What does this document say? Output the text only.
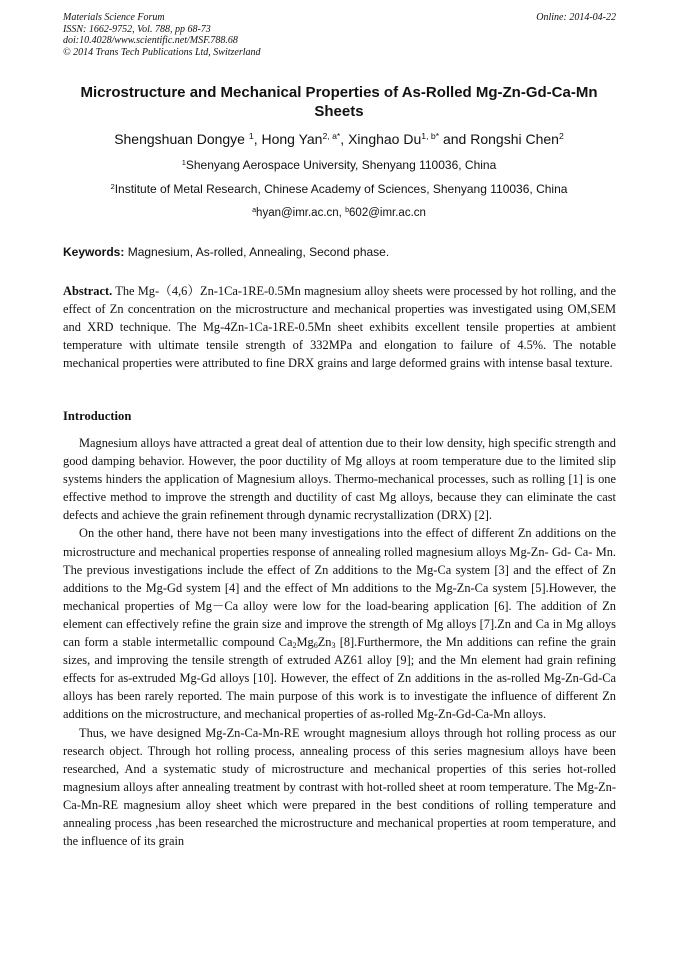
Materials Science Forum
ISSN: 1662-9752, Vol. 788, pp 68-73
doi:10.4028/www.scientific.net/MSF.788.68
© 2014 Trans Tech Publications Ltd, Switzerland
Online: 2014-04-22
Microstructure and Mechanical Properties of As-Rolled Mg-Zn-Gd-Ca-Mn Sheets
Shengshuan Dongye $^1$, Hong Yan$^{2, a*}$, Xinghao $Du^{1, b*}$ and Rongshi Chen$^2$
$^1$Shenyang Aerospace University, Shenyang 110036, China
$^2$Institute of Metal Research, Chinese Academy of Sciences, Shenyang 110036, China
$^a$hyan@imr.ac.cn, $^b$602@imr.ac.cn
Keywords: Magnesium, As-rolled, Annealing, Second phase.
Abstract. The Mg-（4,6）Zn-1Ca-1RE-0.5Mn magnesium alloy sheets were processed by hot rolling, and the effect of Zn concentration on the microstructure and mechanical properties was investigated using OM,SEM and XRD technique. The Mg-4Zn-1Ca-1RE-0.5Mn sheet exhibits excellent tensile properties at ambient temperature with ultimate tensile strength of 332MPa and elongation to failure of 4.5%. The notable mechanical properties were attributed to fine DRX grains and large deformed grains with intense basal texture.
Introduction

Magnesium alloys have attracted a great deal of attention due to their low density, high specific strength and good damping behavior. However, the poor ductility of Mg alloys at room temperature due to the limited slip systems hinders the application of Magnesium alloys. Thermo-mechanical processes, such as rolling [1] is one effective method to improve the strength and ductility of cast Mg alloys, because they can eliminate the cast defects and achieve the grain refinement through dynamic recrystallization (DRX) [2].

On the other hand, there have not been many investigations into the effect of different Zn additions on the microstructure and mechanical properties response of annealing rolled magnesium alloys Mg-Zn- Gd- Ca- Mn. The previous investigations include the effect of Zn additions to the Mg-Ca system [3] and the effect of Zn additions to the Mg-Gd system [4] and the effect of Mn additions to the Mg-Zn-Ca system [5].However, the mechanical properties of Mg－Ca alloy were low for the load-bearing application [6]. The addition of Zn element can effectively refine the grain size and improve the strength of Mg alloys [7].Zn and Ca in Mg alloys can form a stable intermetallic compound $Ca_2Mg_6Zn_3$ [8].Furthermore, the Mn additions can refine the grain sizes, and improving the tensile strength of extruded AZ61 alloy [9]; and the Mn element had grain refining effects for as-extruded Mg-Gd alloys [10]. However, the effect of Zn additions in the as-rolled Mg-Zn-Gd-Ca alloys has been rarely reported. The main purpose of this work is to investigate the influence of different Zn additions on the microstructure, and mechanical properties of as-rolled Mg-Zn-Gd-Ca-Mn alloys.

Thus, we have designed Mg-Zn-Ca-Mn-RE wrought magnesium alloys through hot rolling process as our research object. Through hot rolling process, annealing process of this series magnesium alloys have been researched, And a systematic study of microstructure and mechanical properties of this series hot-rolled magnesium alloys after annealing treatment by contrast with hot-rolled sheet at room temperature. The Mg-Zn-Ca-Mn-RE magnesium alloy sheet which were prepared in the best conditions of rolling temperature and annealing process ,has been researched the microstructure and mechanical properties at room temperature, and the influence of its grain
